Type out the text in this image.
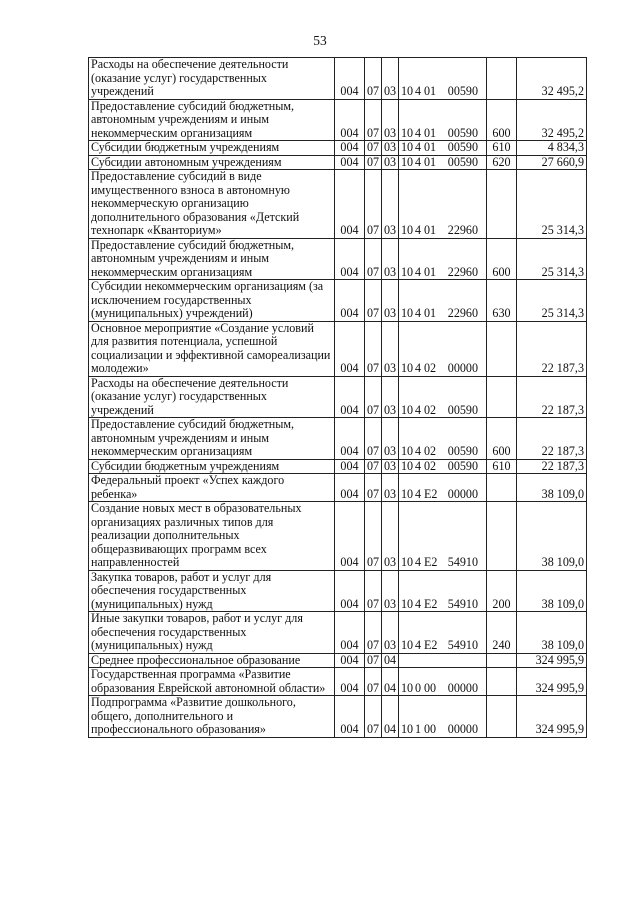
53
Расходы на обеспечение деятельности (оказание услуг) государственных учреждений	004	07	03	10 4 01 00590		32 495,2
Предоставление субсидий бюджетным, автономным учреждениям и иным некоммерческим организациям	004	07	03	10 4 01 00590	600	32 495,2
Субсидии бюджетным учреждениям	004	07	03	10 4 01 00590	610	4 834,3
Субсидии автономным учреждениям	004	07	03	10 4 01 00590	620	27 660,9
Предоставление субсидий в виде имущественного взноса в автономную некоммерческую организацию дополнительного образования «Детский технопарк «Кванториум»	004	07	03	10 4 01 22960		25 314,3
Предоставление субсидий бюджетным, автономным учреждениям и иным некоммерческим организациям	004	07	03	10 4 01 22960	600	25 314,3
Субсидии некоммерческим организациям (за исключением государственных (муниципальных) учреждений)	004	07	03	10 4 01 22960	630	25 314,3
Основное мероприятие «Создание условий для развития потенциала, успешной социализации и эффективной самореализации молодежи»	004	07	03	10 4 02 00000		22 187,3
Расходы на обеспечение деятельности (оказание услуг) государственных учреждений	004	07	03	10 4 02 00590		22 187,3
Предоставление субсидий бюджетным, автономным учреждениям и иным некоммерческим организациям	004	07	03	10 4 02 00590	600	22 187,3
Субсидии бюджетным учреждениям	004	07	03	10 4 02 00590	610	22 187,3
Федеральный проект «Успех каждого ребенка»	004	07	03	10 4 E2 00000		38 109,0
Создание новых мест в образовательных организациях различных типов для реализации дополнительных общеразвивающих программ всех направленностей	004	07	03	10 4 E2 54910		38 109,0
Закупка товаров, работ и услуг для обеспечения государственных (муниципальных) нужд	004	07	03	10 4 E2 54910	200	38 109,0
Иные закупки товаров, работ и услуг для обеспечения государственных (муниципальных) нужд	004	07	03	10 4 E2 54910	240	38 109,0
Среднее профессиональное образование	004	07	04			324 995,9
Государственная программа «Развитие образования Еврейской автономной области»	004	07	04	10 0 00 00000		324 995,9
Подпрограмма «Развитие дошкольного, общего, дополнительного и профессионального образования»	004	07	04	10 1 00 00000		324 995,9
